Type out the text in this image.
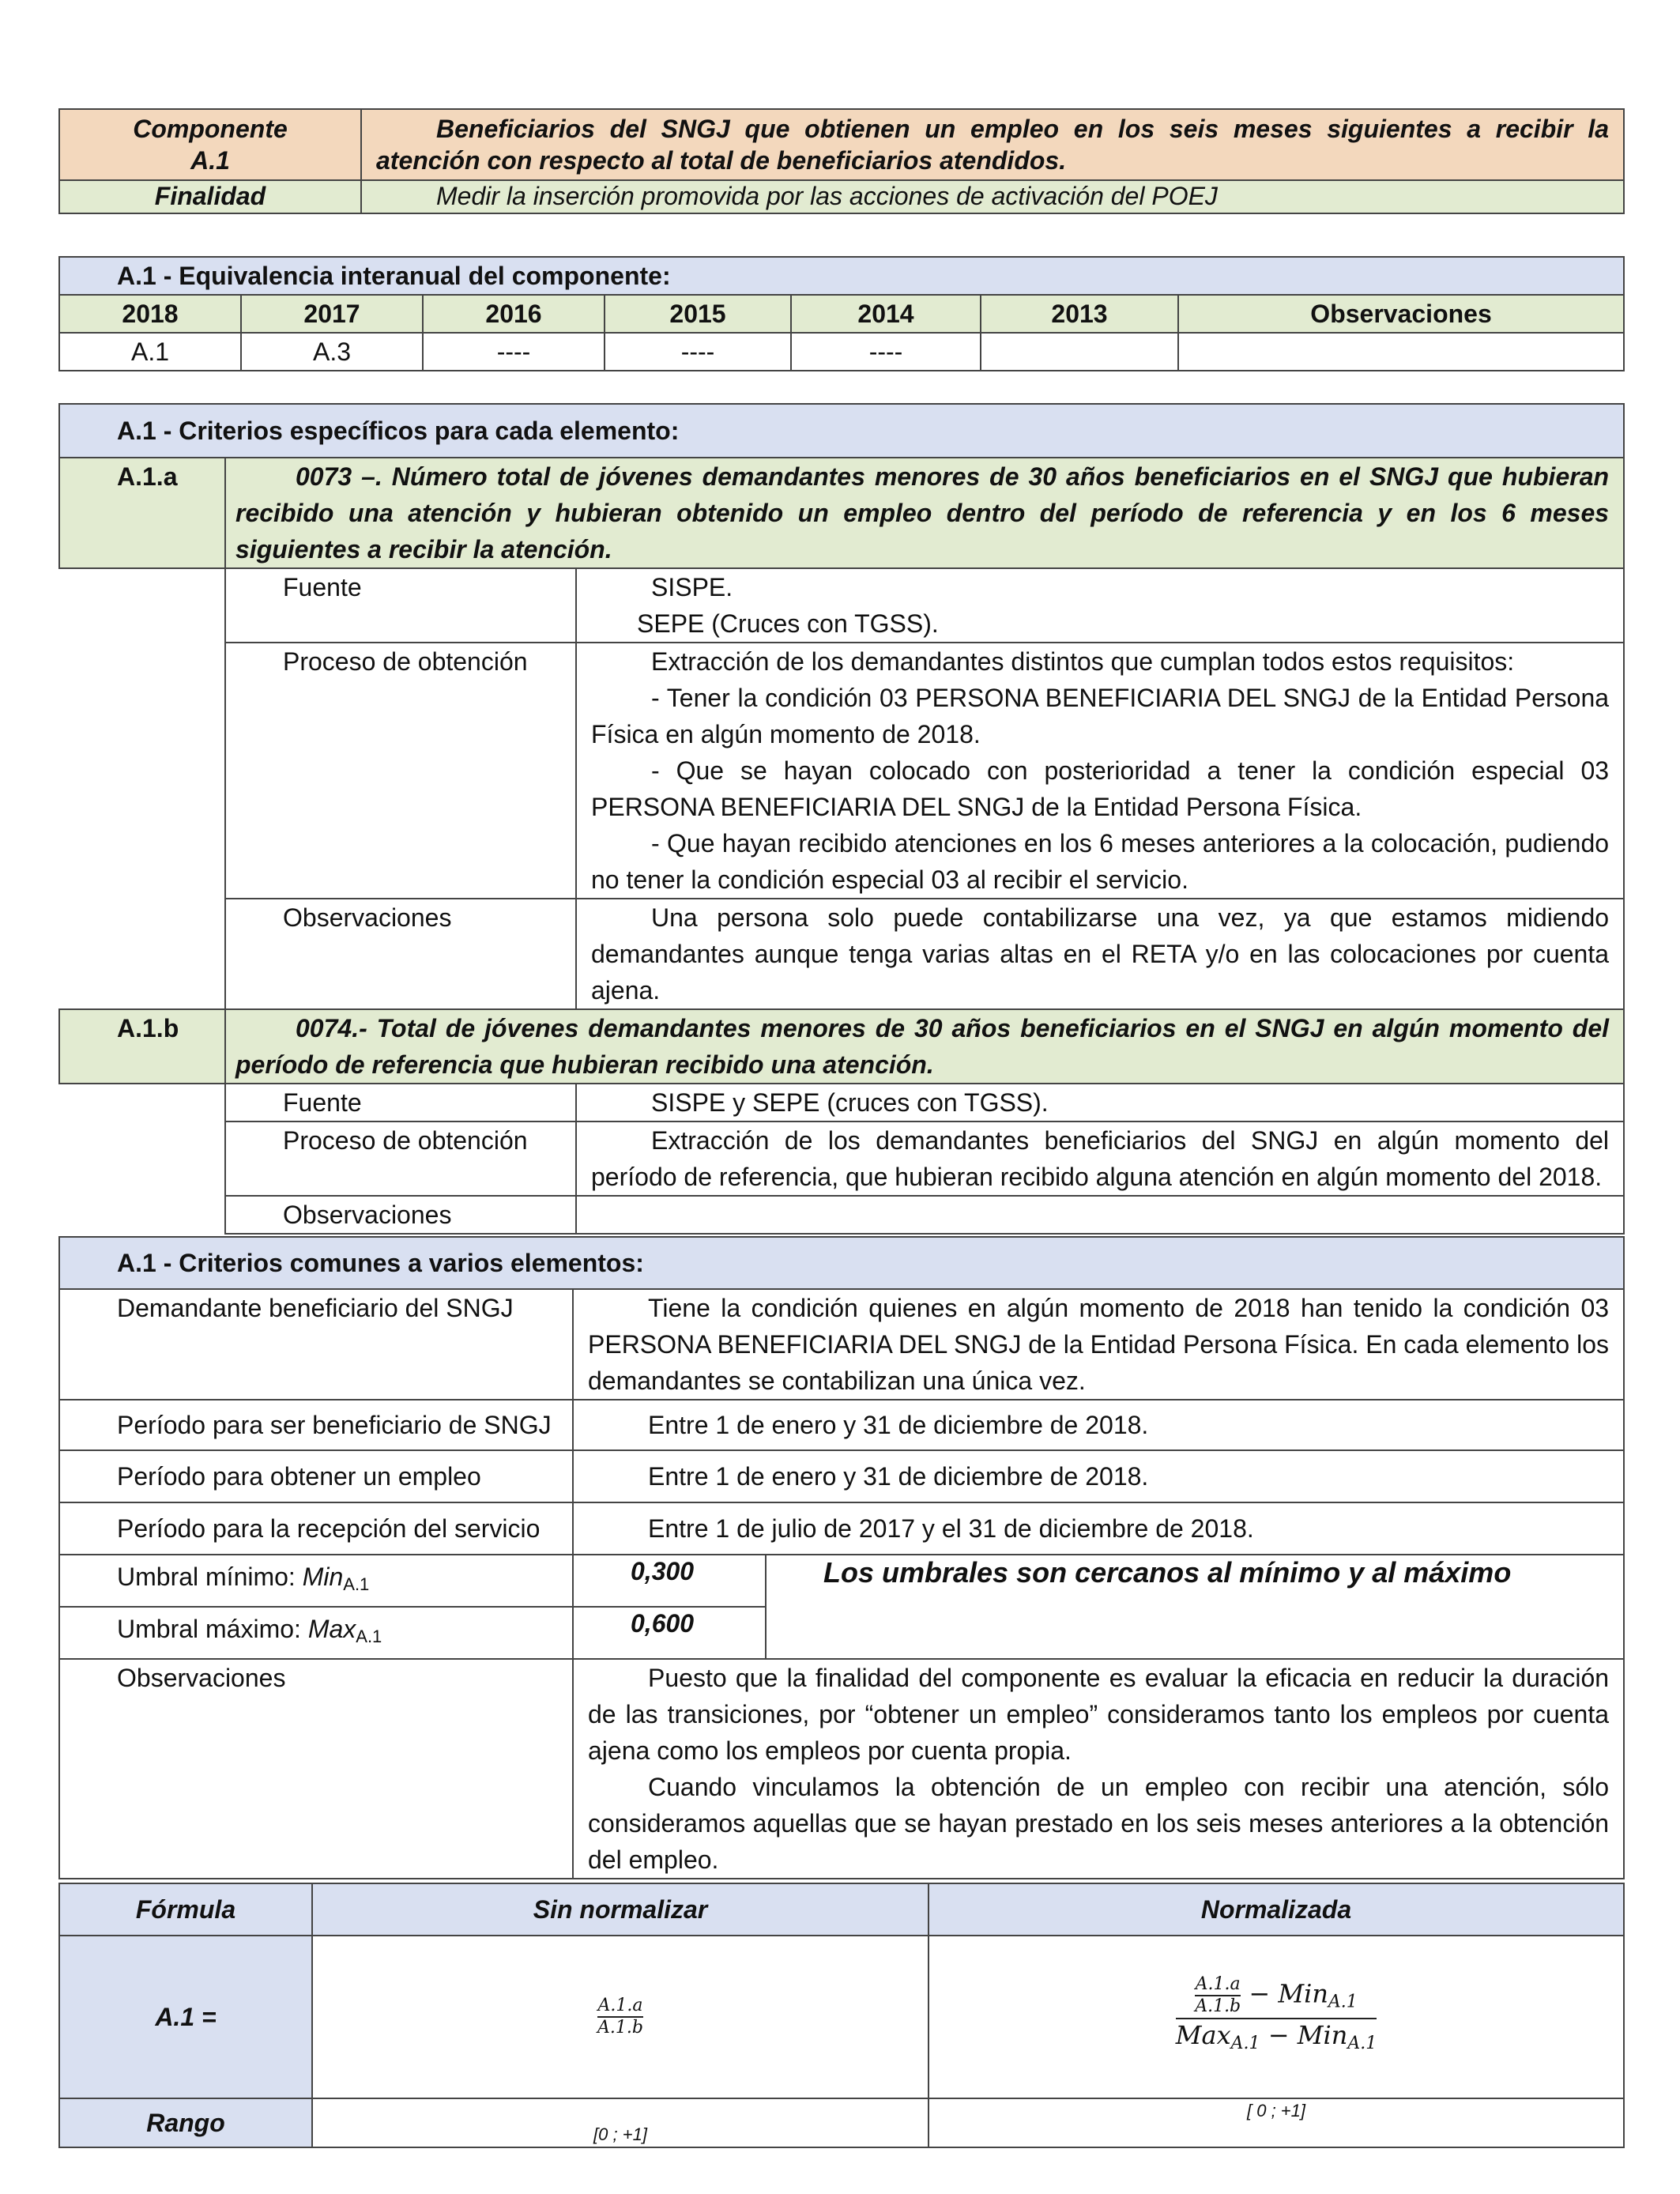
Componente
A.1	Beneficiarios del SNGJ que obtienen un empleo en los seis meses siguientes a recibir la atención con respecto al total de beneficiarios atendidos.
Finalidad	Medir la inserción promovida por las acciones de activación del POEJ
A.1 - Equivalencia interanual del componente:						
2018	2017	2016	2015	2014	2013	Observaciones
A.1	A.3	----	----	----		
A.1 - Criterios específicos para cada elemento:		
A.1.a	0073 –. Número total de jóvenes demandantes menores de 30 años beneficiarios en el SNGJ que hubieran recibido una atención y hubieran obtenido un empleo dentro del período de referencia y en los 6 meses siguientes a recibir la atención.	
	Fuente	SISPE.
SEPE (Cruces con TGSS).
	Proceso de obtención	Extracción de los demandantes distintos que cumplan todos estos requisitos:
- Tener la condición 03 PERSONA BENEFICIARIA DEL SNGJ de la Entidad Persona Física en algún momento de 2018.
- Que se hayan colocado con posterioridad a tener la condición especial 03 PERSONA BENEFICIARIA DEL SNGJ de la Entidad Persona Física.
- Que hayan recibido atenciones en los 6 meses anteriores a la colocación, pudiendo no tener la condición especial 03 al recibir el servicio.

	Observaciones	Una persona solo puede contabilizarse una vez, ya que estamos midiendo demandantes aunque tenga varias altas en el RETA y/o en las colocaciones por cuenta ajena.
A.1.b	0074.- Total de jóvenes demandantes menores de 30 años beneficiarios en el SNGJ en algún momento del período de referencia que hubieran recibido una atención.	
	Fuente	SISPE y SEPE (cruces con TGSS).
	Proceso de obtención	Extracción de los demandantes beneficiarios del SNGJ en algún momento del período de referencia, que hubieran recibido alguna atención en algún momento del 2018.
	Observaciones	
A.1 - Criterios comunes a varios elementos:		
Demandante beneficiario del SNGJ	Tiene la condición quienes en algún momento de 2018 han tenido la condición 03 PERSONA BENEFICIARIA DEL SNGJ de la Entidad Persona Física. En cada elemento los demandantes se contabilizan una única vez.	
Período para ser beneficiario de SNGJ	Entre 1 de enero y 31 de diciembre de 2018.	
Período para obtener un empleo	Entre 1 de enero y 31 de diciembre de 2018.	
Período para la recepción del servicio	Entre 1 de julio de 2017 y el 31 de diciembre de 2018.	
Umbral mínimo: Min$_{A.1}$	0,300	Los umbrales son cercanos al mínimo y al máximo
Umbral máximo: Max$_{A.1}$	0,600	
Observaciones	Puesto que la finalidad del componente es evaluar la eficacia en reducir la duración de las transiciones, por “obtener un empleo” consideramos tanto los empleos por cuenta ajena como los empleos por cuenta propia.
Cuando vinculamos la obtención de un empleo con recibir una atención, sólo consideramos aquellas que se hayan prestado en los seis meses anteriores a la obtención del empleo.	
Fórmula	Sin normalizar	Normalizada
A.1 =	$\frac{A.1.a}{A.1.b}$	$\frac{\frac{A.1.a}{A.1.b} - Min_{A.1}}{Max_{A.1} - Min_{A.1}}$

Rango	[0 ; +1]	[ 0 ; +1]
